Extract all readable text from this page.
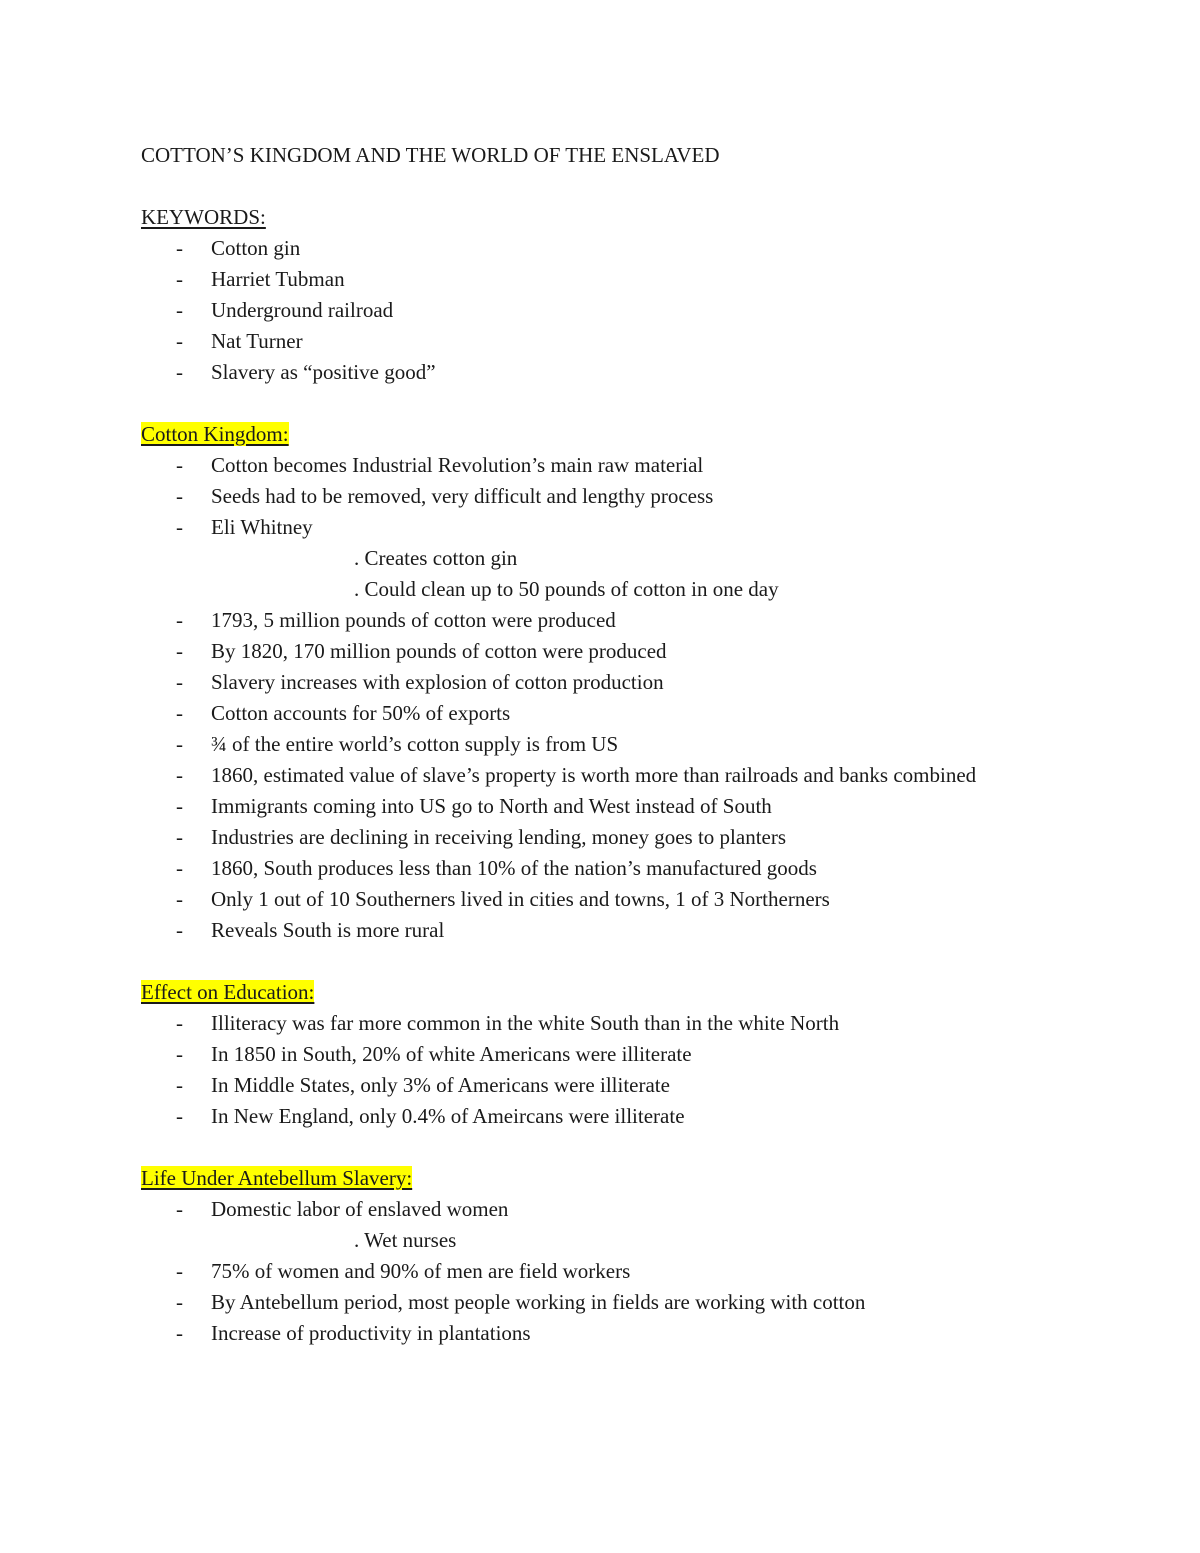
COTTON’S KINGDOM AND THE WORLD OF THE ENSLAVED
KEYWORDS:
- Cotton gin
- Harriet Tubman
- Underground railroad
- Nat Turner
- Slavery as “positive good”
Cotton Kingdom:
- Cotton becomes Industrial Revolution’s main raw material
- Seeds had to be removed, very difficult and lengthy process
- Eli Whitney
. Creates cotton gin
. Could clean up to 50 pounds of cotton in one day
- 1793, 5 million pounds of cotton were produced
- By 1820, 170 million pounds of cotton were produced
- Slavery increases with explosion of cotton production
- Cotton accounts for 50% of exports
- ¾ of the entire world’s cotton supply is from US
- 1860, estimated value of slave’s property is worth more than railroads and banks combined
- Immigrants coming into US go to North and West instead of South
- Industries are declining in receiving lending, money goes to planters
- 1860, South produces less than 10% of the nation’s manufactured goods
- Only 1 out of 10 Southerners lived in cities and towns, 1 of 3 Northerners
- Reveals South is more rural
Effect on Education:
- Illiteracy was far more common in the white South than in the white North
- In 1850 in South, 20% of white Americans were illiterate
- In Middle States, only 3% of Americans were illiterate
- In New England, only 0.4% of Ameircans were illiterate
Life Under Antebellum Slavery:
- Domestic labor of enslaved women
. Wet nurses
- 75% of women and 90% of men are field workers
- By Antebellum period, most people working in fields are working with cotton
- Increase of productivity in plantations
